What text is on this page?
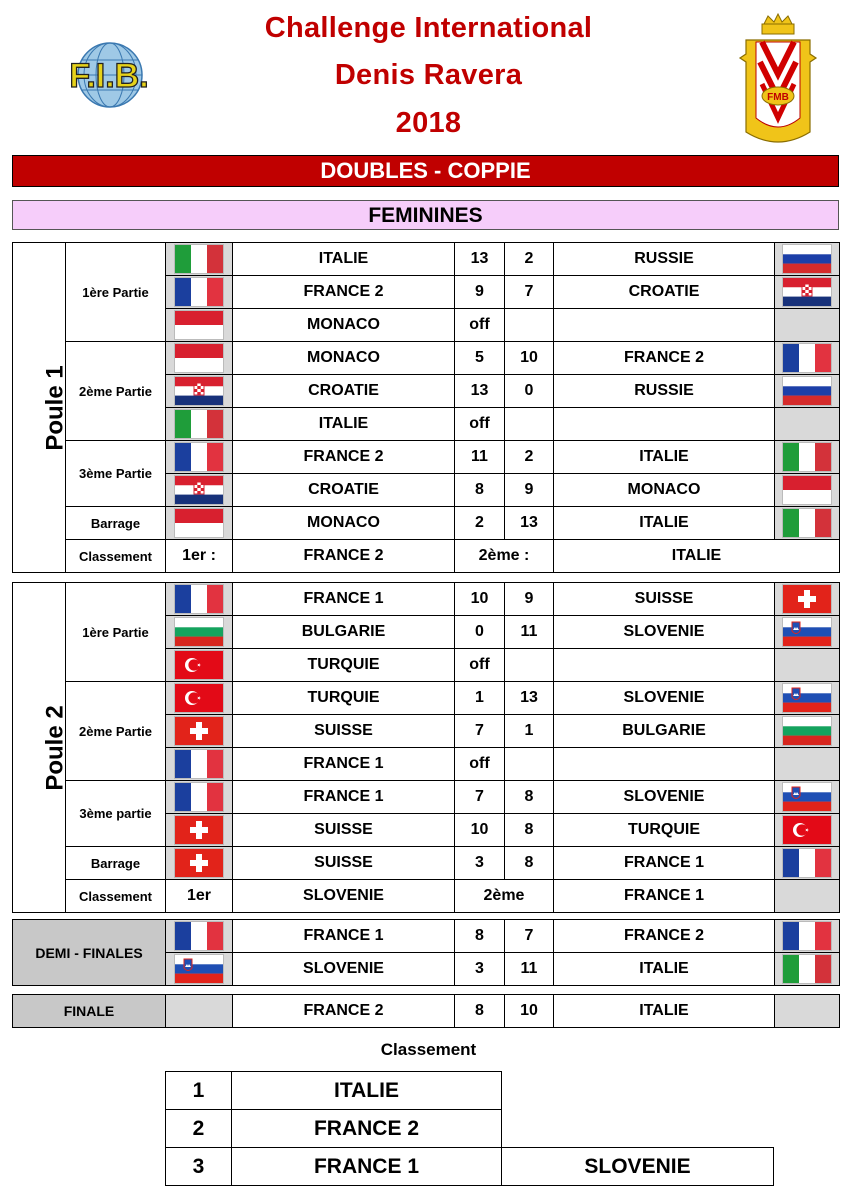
F.I.B.
Challenge International
Denis Ravera
2018
FMB
DOUBLES - COPPIE
FEMININES
Poule 1	1ère Partie		ITALIE	13	2	RUSSIE	
	FRANCE 2	9	7	CROATIE	
	MONACO	off			
	2ème Partie		MONACO	5	10	FRANCE 2	
	CROATIE	13	0	RUSSIE	
	ITALIE	off			
	3ème Partie		FRANCE 2	11	2	ITALIE	
	CROATIE	8	9	MONACO	
	Barrage		MONACO	2	13	ITALIE	
	Classement	1er :	FRANCE 2	2ème :		ITALIE	
Poule 2	1ère Partie		FRANCE 1	10	9	SUISSE	
	BULGARIE	0	11	SLOVENIE	
	TURQUIE	off			
	2ème Partie		TURQUIE	1	13	SLOVENIE	
	SUISSE	7	1	BULGARIE	
	FRANCE 1	off			
	3ème partie		FRANCE 1	7	8	SLOVENIE	
	SUISSE	10	8	TURQUIE	
	Barrage		SUISSE	3	8	FRANCE 1	
	Classement	1er	SLOVENIE	2ème		FRANCE 1	
DEMI - FINALES		FRANCE 1	8	7	FRANCE 2	
	SLOVENIE	3	11	ITALIE	
FINALE		FRANCE 2	8	10	ITALIE	
Classement
1	ITALIE	
2	FRANCE 2	
3	FRANCE 1	SLOVENIE
